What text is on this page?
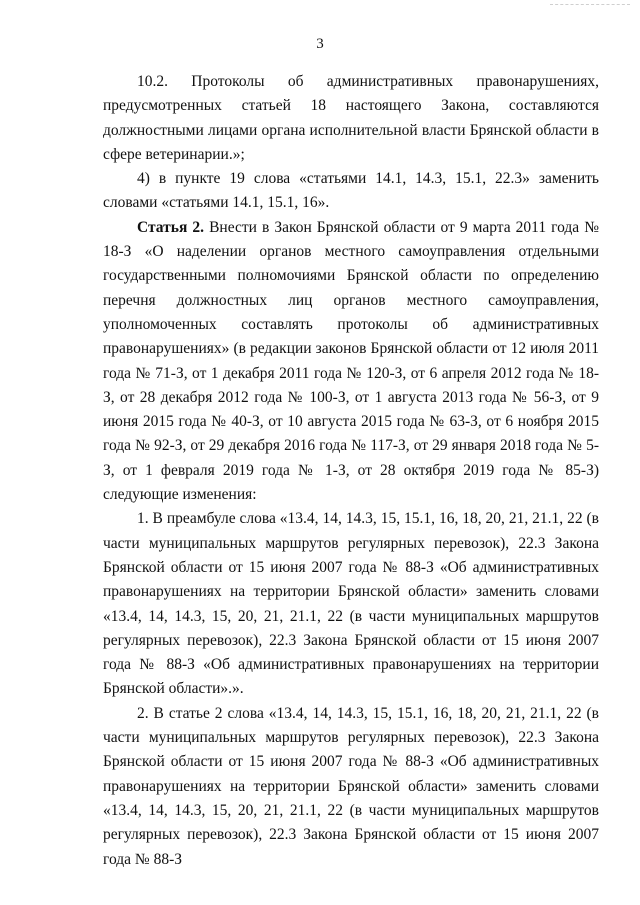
3

10.2. Протоколы об административных правонарушениях, предусмотренных статьей 18 настоящего Закона, составляются должностными лицами органа исполнительной власти Брянской области в сфере ветеринарии.»;

4) в пункте 19 слова «статьями 14.1, 14.3, 15.1, 22.3» заменить словами «статьями 14.1, 15.1, 16».

Статья 2. Внести в Закон Брянской области от 9 марта 2011 года № 18-З «О наделении органов местного самоуправления отдельными государственными полномочиями Брянской области по определению перечня должностных лиц органов местного самоуправления, уполномоченных составлять протоколы об административных правонарушениях» (в редакции законов Брянской области от 12 июля 2011 года № 71-З, от 1 декабря 2011 года № 120-З, от 6 апреля 2012 года № 18-З, от 28 декабря 2012 года № 100-З, от 1 августа 2013 года № 56-З, от 9 июня 2015 года № 40-З, от 10 августа 2015 года № 63-З, от 6 ноября 2015 года № 92-З, от 29 декабря 2016 года № 117-З, от 29 января 2018 года № 5-З, от 1 февраля 2019 года № 1-З, от 28 октября 2019 года № 85-З) следующие изменения:

1. В преамбуле слова «13.4, 14, 14.3, 15, 15.1, 16, 18, 20, 21, 21.1, 22 (в части муниципальных маршрутов регулярных перевозок), 22.3 Закона Брянской области от 15 июня 2007 года № 88-З «Об административных правонарушениях на территории Брянской области» заменить словами «13.4, 14, 14.3, 15, 20, 21, 21.1, 22 (в части муниципальных маршрутов регулярных перевозок), 22.3 Закона Брянской области от 15 июня 2007 года № 88-З «Об административных правонарушениях на территории Брянской области».».

2. В статье 2 слова «13.4, 14, 14.3, 15, 15.1, 16, 18, 20, 21, 21.1, 22 (в части муниципальных маршрутов регулярных перевозок), 22.3 Закона Брянской области от 15 июня 2007 года № 88-З «Об административных правонарушениях на территории Брянской области» заменить словами «13.4, 14, 14.3, 15, 20, 21, 21.1, 22 (в части муниципальных маршрутов регулярных перевозок), 22.3 Закона Брянской области от 15 июня 2007 года № 88-З
